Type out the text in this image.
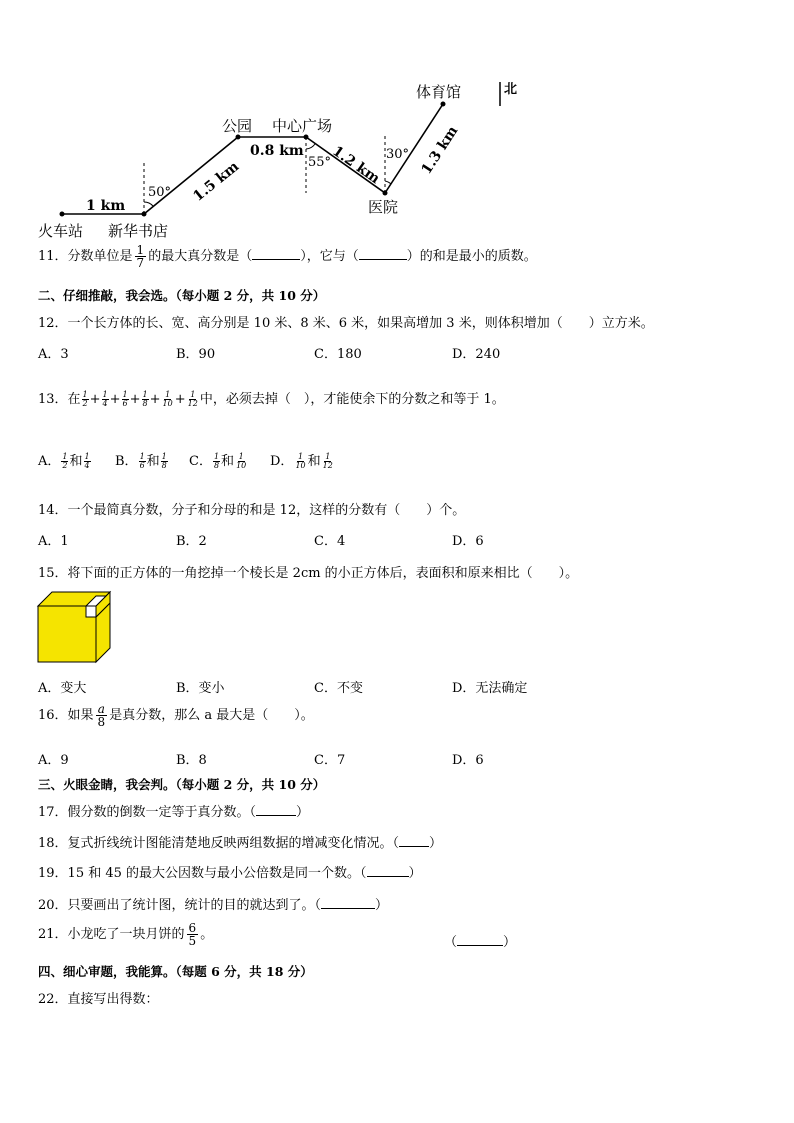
北
火车站 新华书店
公园 中心广场
医院
体育馆
1 km
1.5 km
0.8 km 1.2 km	1.3 km
50°
55°
30°
11．分数单位是 $\frac{1}{7}$ 的最大真分数是（	），它与（	）的和是最小的质数。
二、仔细推敲，我会选。（每小题 2 分，共 10 分）
12．一个长方体的长、宽、高分别是 10 米、8 米、6 米，如果高增加 3 米，则体积增加（　　）立方米。
A．3	B．90	C．180	D．240
13．在 $\frac{1}{2} + \frac{1}{4} + \frac{1}{6} + \frac{1}{8} + \frac{1}{10} + \frac{1}{12}$ 中，必须去掉（　），才能使余下的分数之和等于 1。
A． $\frac{1}{2}$ 和 $\frac{1}{4}$ B． $\frac{1}{6}$ 和 $\frac{1}{8}$ C． $\frac{1}{8}$ 和 $\frac{1}{10}$ D． $\frac{1}{10}$ 和 $\frac{1}{12}$
14．一个最简真分数，分子和分母的和是 12，这样的分数有（　　）个。
A．1	B．2	C．4	D．6
15．将下面的正方体的一角挖掉一个棱长是 2cm 的小正方体后，表面积和原来相比（　　）。
A．变大	B．变小	C．不变	D．无法确定
16．如果 $\frac{a}{8}$ 是真分数，那么 a 最大是（　　）。
A．9	B．8	C．7	D．6
三、火眼金睛，我会判。（每小题 2 分，共 10 分）
17．假分数的倒数一定等于真分数。（	）
18．复式折线统计图能清楚地反映两组数据的增减变化情况。（ ）
19．15 和 45 的最大公因数与最小公倍数是同一个数。（	）
20．只要画出了统计图，统计的目的就达到了。（	）
21．小龙吃了一块月饼的 $\frac{6}{5}$ 。
（	）
四、细心审题，我能算。（每题 6 分，共 18 分）
22．直接写出得数：
